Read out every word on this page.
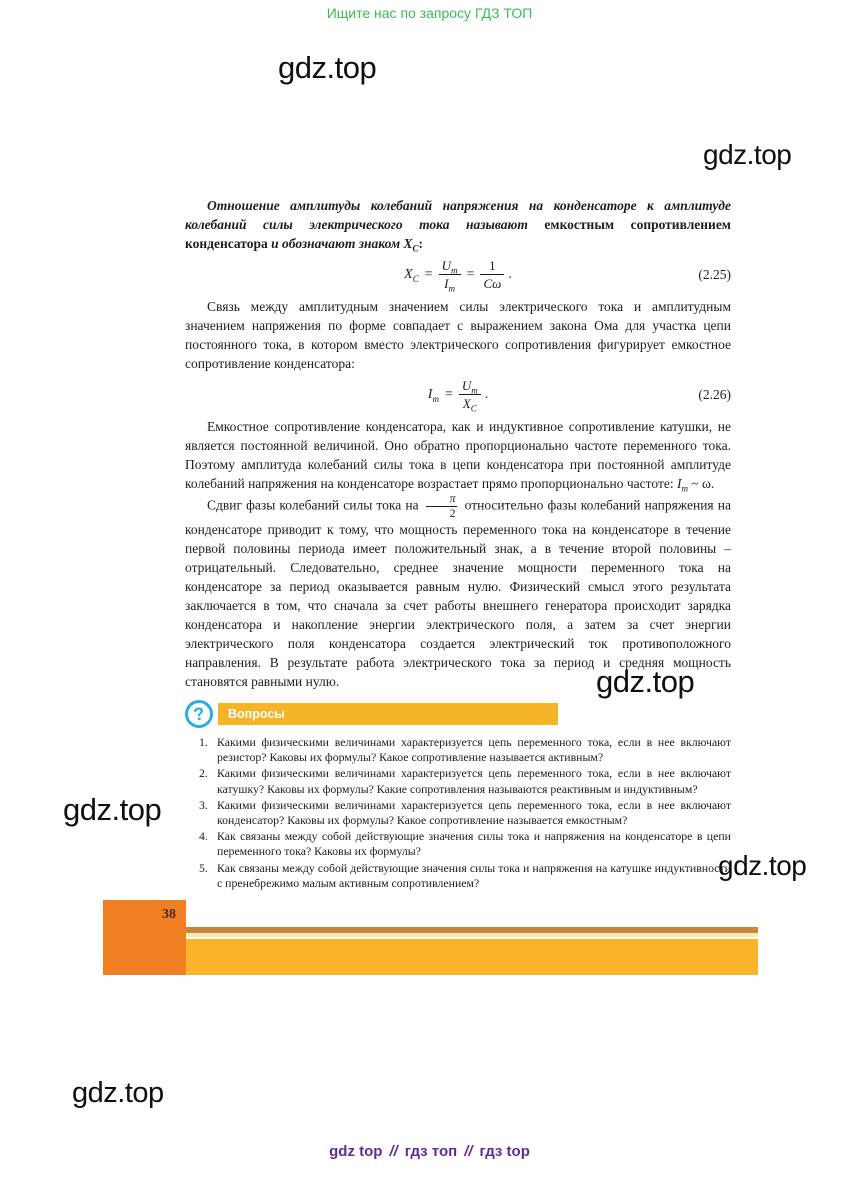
Ищите нас по запросу ГДЗ ТОП
gdz.top
gdz.top

Отношение амплитуды колебаний напряжения на конденсаторе к амплитуде колебаний силы электрического тока называют емкостным сопротивлением конденсатора и обозначают знаком $X_C$:

$X_C = \frac{U_m}{I_m} = \frac{1}{C\omega}$ .	(2.25)

Связь между амплитудным значением силы электрического тока и амплитудным значением напряжения по форме совпадает с выражением закона Ома для участка цепи постоянного тока, в котором вместо электрического сопротивления фигурирует емкостное сопротивление конденсатора:

$I_m = \frac{U_m}{X_C}$ .	(2.26)

Емкостное сопротивление конденсатора, как и индуктивное сопротивление катушки, не является постоянной величиной. Оно обратно пропорционально частоте переменного тока. Поэтому амплитуда колебаний силы тока в цепи конденсатора при постоянной амплитуде колебаний напряжения на конденсаторе возрастает прямо пропорционально частоте: $I_m$ ~ ω.

Сдвиг фазы колебаний силы тока на $\frac{\pi}{2}$ относительно фазы колебаний напряжения на конденсаторе приводит к тому, что мощность переменного тока на конденсаторе в течение первой половины периода имеет положительный знак, а в течение второй половины – отрицательный. Следовательно, среднее значение мощности переменного тока на конденсаторе за период оказывается равным нулю. Физический смысл этого результата заключается в том, что сначала за счет работы внешнего генератора происходит зарядка конденсатора и накопление энергии электрического поля, а затем за счет энергии электрического поля конденсатора создается электрический ток противоположного направления. В результате работа электрического тока за период и средняя мощность становятся равными нулю.

?	Вопросы
1. Какими физическими величинами характеризуется цепь переменного тока, если в нее включают резистор? Каковы их формулы? Какое сопротивление называется активным?
2. Какими физическими величинами характеризуется цепь переменного тока, если в нее включают катушку? Каковы их формулы? Какие сопротивления называются реактивным и индуктивным?
3. Какими физическими величинами характеризуется цепь переменного тока, если в нее включают конденсатор? Каковы их формулы? Какое сопротивление называется емкостным?
4. Как связаны между собой действующие значения силы тока и напряжения на конденсаторе в цепи переменного тока? Каковы их формулы?
5. Как связаны между собой действующие значения силы тока и напряжения на катушке индуктивности с пренебрежимо малым активным сопротивлением?
gdz.top
gdz.top
gdz.top
38
gdz.top
gdz top // гдз топ // гдз top
